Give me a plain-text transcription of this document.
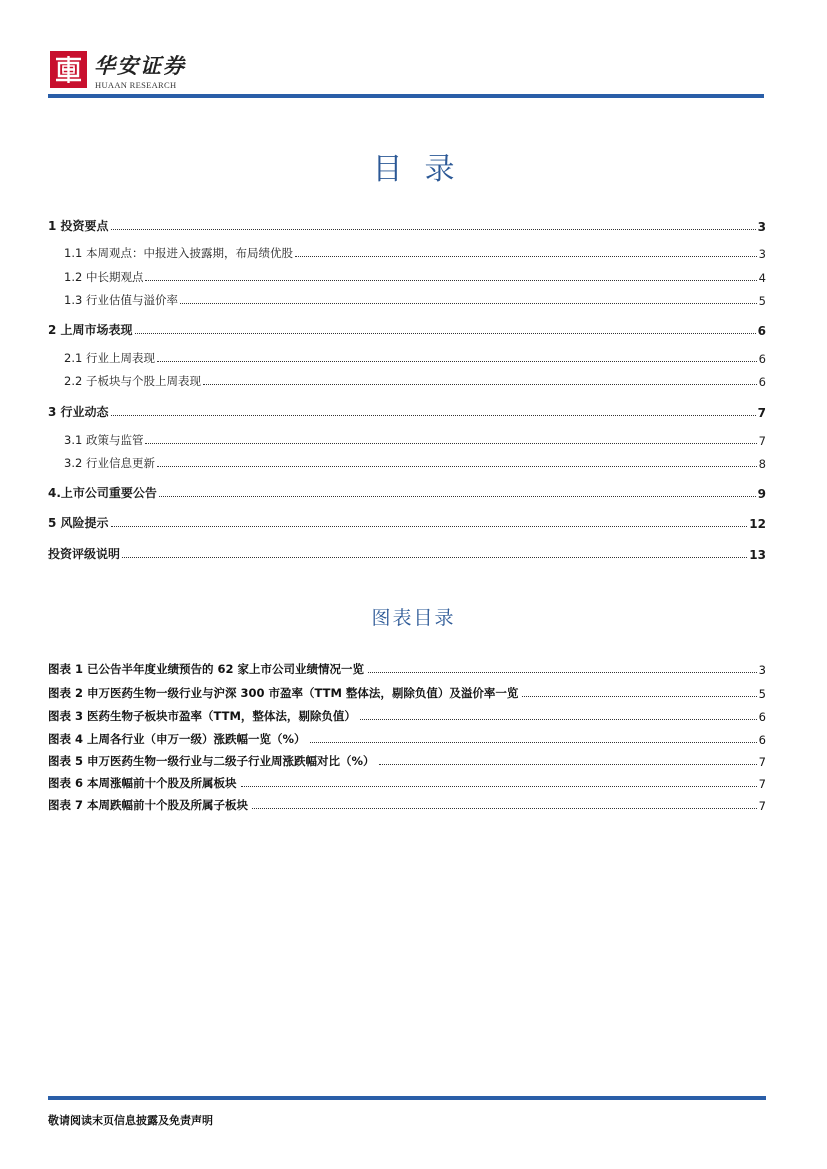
华安证券
HUAAN RESEARCH
目录
1 投资要点	3
1.1 本周观点：中报进入披露期，布局绩优股	3
1.2 中长期观点	4
1.3 行业估值与溢价率	5
2 上周市场表现	6
2.1 行业上周表现	6
2.2 子板块与个股上周表现	6
3 行业动态	7
3.1 政策与监管	7
3.2 行业信息更新	8
4.上市公司重要公告	9
5 风险提示	12
投资评级说明	13
图表目录
图表 1 已公告半年度业绩预告的 62 家上市公司业绩情况一览	3
图表 2 申万医药生物一级行业与沪深 300 市盈率（TTM 整体法，剔除负值）及溢价率一览	5
图表 3 医药生物子板块市盈率（TTM，整体法，剔除负值）	6
图表 4 上周各行业（申万一级）涨跌幅一览（%）	6
图表 5 申万医药生物一级行业与二级子行业周涨跌幅对比（%）	7
图表 6 本周涨幅前十个股及所属板块	7
图表 7 本周跌幅前十个股及所属子板块	7
敬请阅读末页信息披露及免责声明
